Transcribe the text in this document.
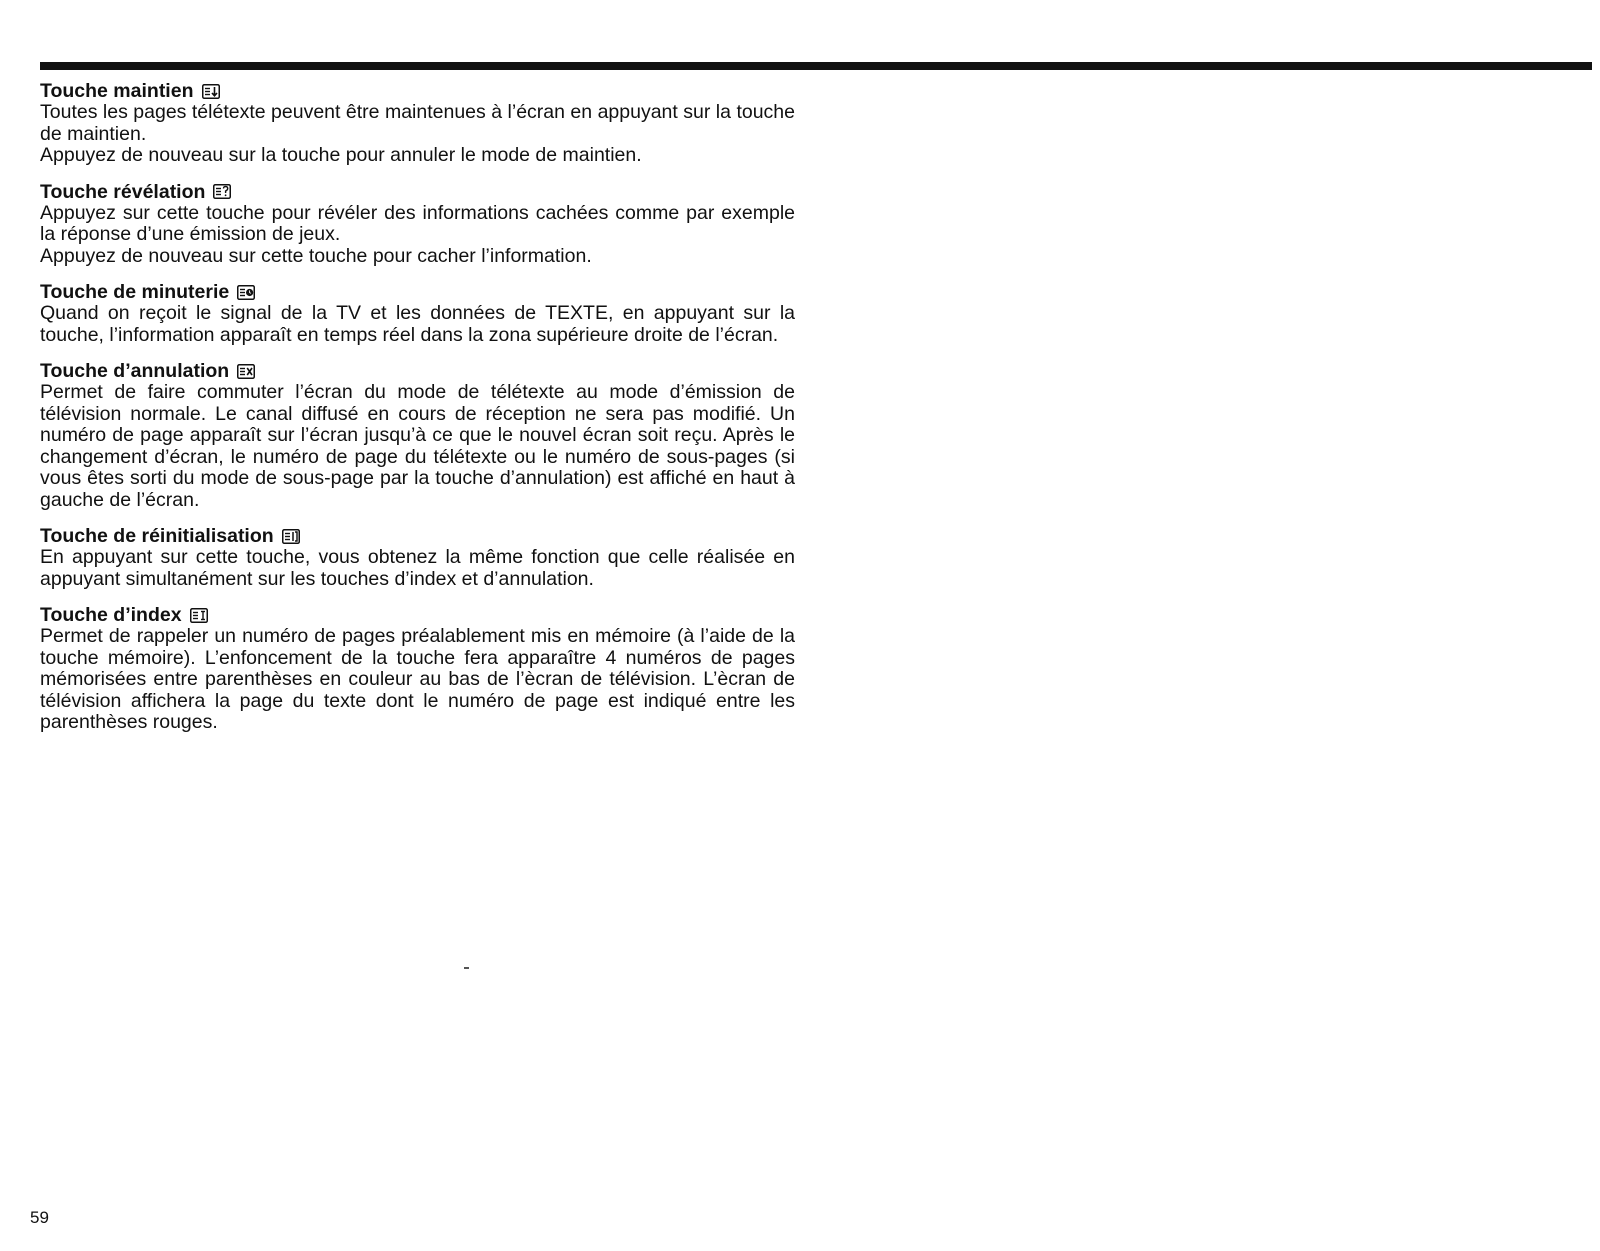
Touche maintien

Toutes les pages télétexte peuvent être maintenues à l’écran en appuyant sur la touche de maintien.

Appuyez de nouveau sur la touche pour annuler le mode de maintien.

Touche révélation

Appuyez sur cette touche pour révéler des informations cachées comme par exemple la réponse d’une émission de jeux.

Appuyez de nouveau sur cette touche pour cacher l’information.

Touche de minuterie

Quand on reçoit le signal de la TV et les données de TEXTE, en appuyant sur la touche, l’information apparaît en temps réel dans la zona supérieure droite de l’écran.

Touche d’annulation

Permet de faire commuter l’écran du mode de télétexte au mode d’émission de télévision normale. Le canal diffusé en cours de réception ne sera pas modifié. Un numéro de page apparaît sur l’écran jusqu’à ce que le nouvel écran soit reçu. Après le changement d’écran, le numéro de page du télétexte ou le numéro de sous-pages (si vous êtes sorti du mode de sous-page par la touche d’annulation) est affiché en haut à gauche de l’écran.

Touche de réinitialisation

En appuyant sur cette touche, vous obtenez la même fonction que celle réalisée en appuyant simultanément sur les touches d’index et d’annulation.

Touche d’index

Permet de rappeler un numéro de pages préalablement mis en mémoire (à l’aide de la touche mémoire). L’enfoncement de la touche fera apparaître 4 numéros de pages mémorisées entre parenthèses en couleur au bas de l’ècran de télévision. L’ècran de télévision affichera la page du texte dont le numéro de page est indiqué entre les parenthèses rouges.

59
